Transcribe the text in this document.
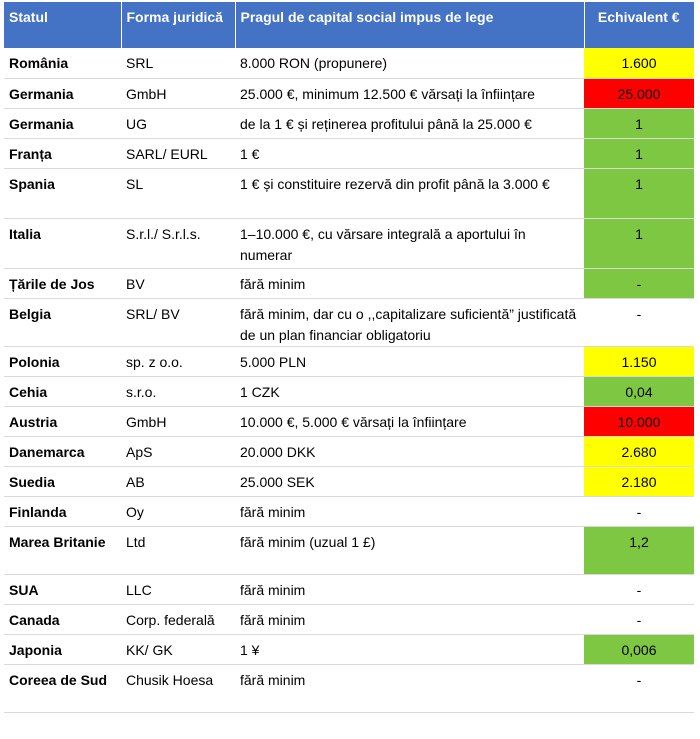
Statul	Forma juridică	Pragul de capital social impus de lege	Echivalent €
România	SRL	8.000 RON (propunere)	1.600
Germania	GmbH	25.000 €, minimum 12.500 € vărsați la înființare	25.000
Germania	UG	de la 1 € și reținerea profitului până la 25.000 €	1
Franța	SARL/ EURL	1 €	1
Spania	SL	1 € și constituire rezervă din profit până la 3.000 €	1
Italia	S.r.l./ S.r.l.s.	1–10.000 €, cu vărsare integrală a aportului în numerar	1
Țările de Jos	BV	fără minim	-
Belgia	SRL/ BV	fără minim, dar cu o ,,capitalizare suficientă” justificată de un plan financiar obligatoriu	-
Polonia	sp. z o.o.	5.000 PLN	1.150
Cehia	s.r.o.	1 CZK	0,04
Austria	GmbH	10.000 €, 5.000 € vărsați la înființare	10.000
Danemarca	ApS	20.000 DKK	2.680
Suedia	AB	25.000 SEK	2.180
Finlanda	Oy	fără minim	-
Marea Britanie	Ltd	fără minim (uzual 1 £)	1,2
SUA	LLC	fără minim	-
Canada	Corp. federală	fără minim	-
Japonia	KK/ GK	1 ¥	0,006
Coreea de Sud	Chusik Hoesa	fără minim	-
